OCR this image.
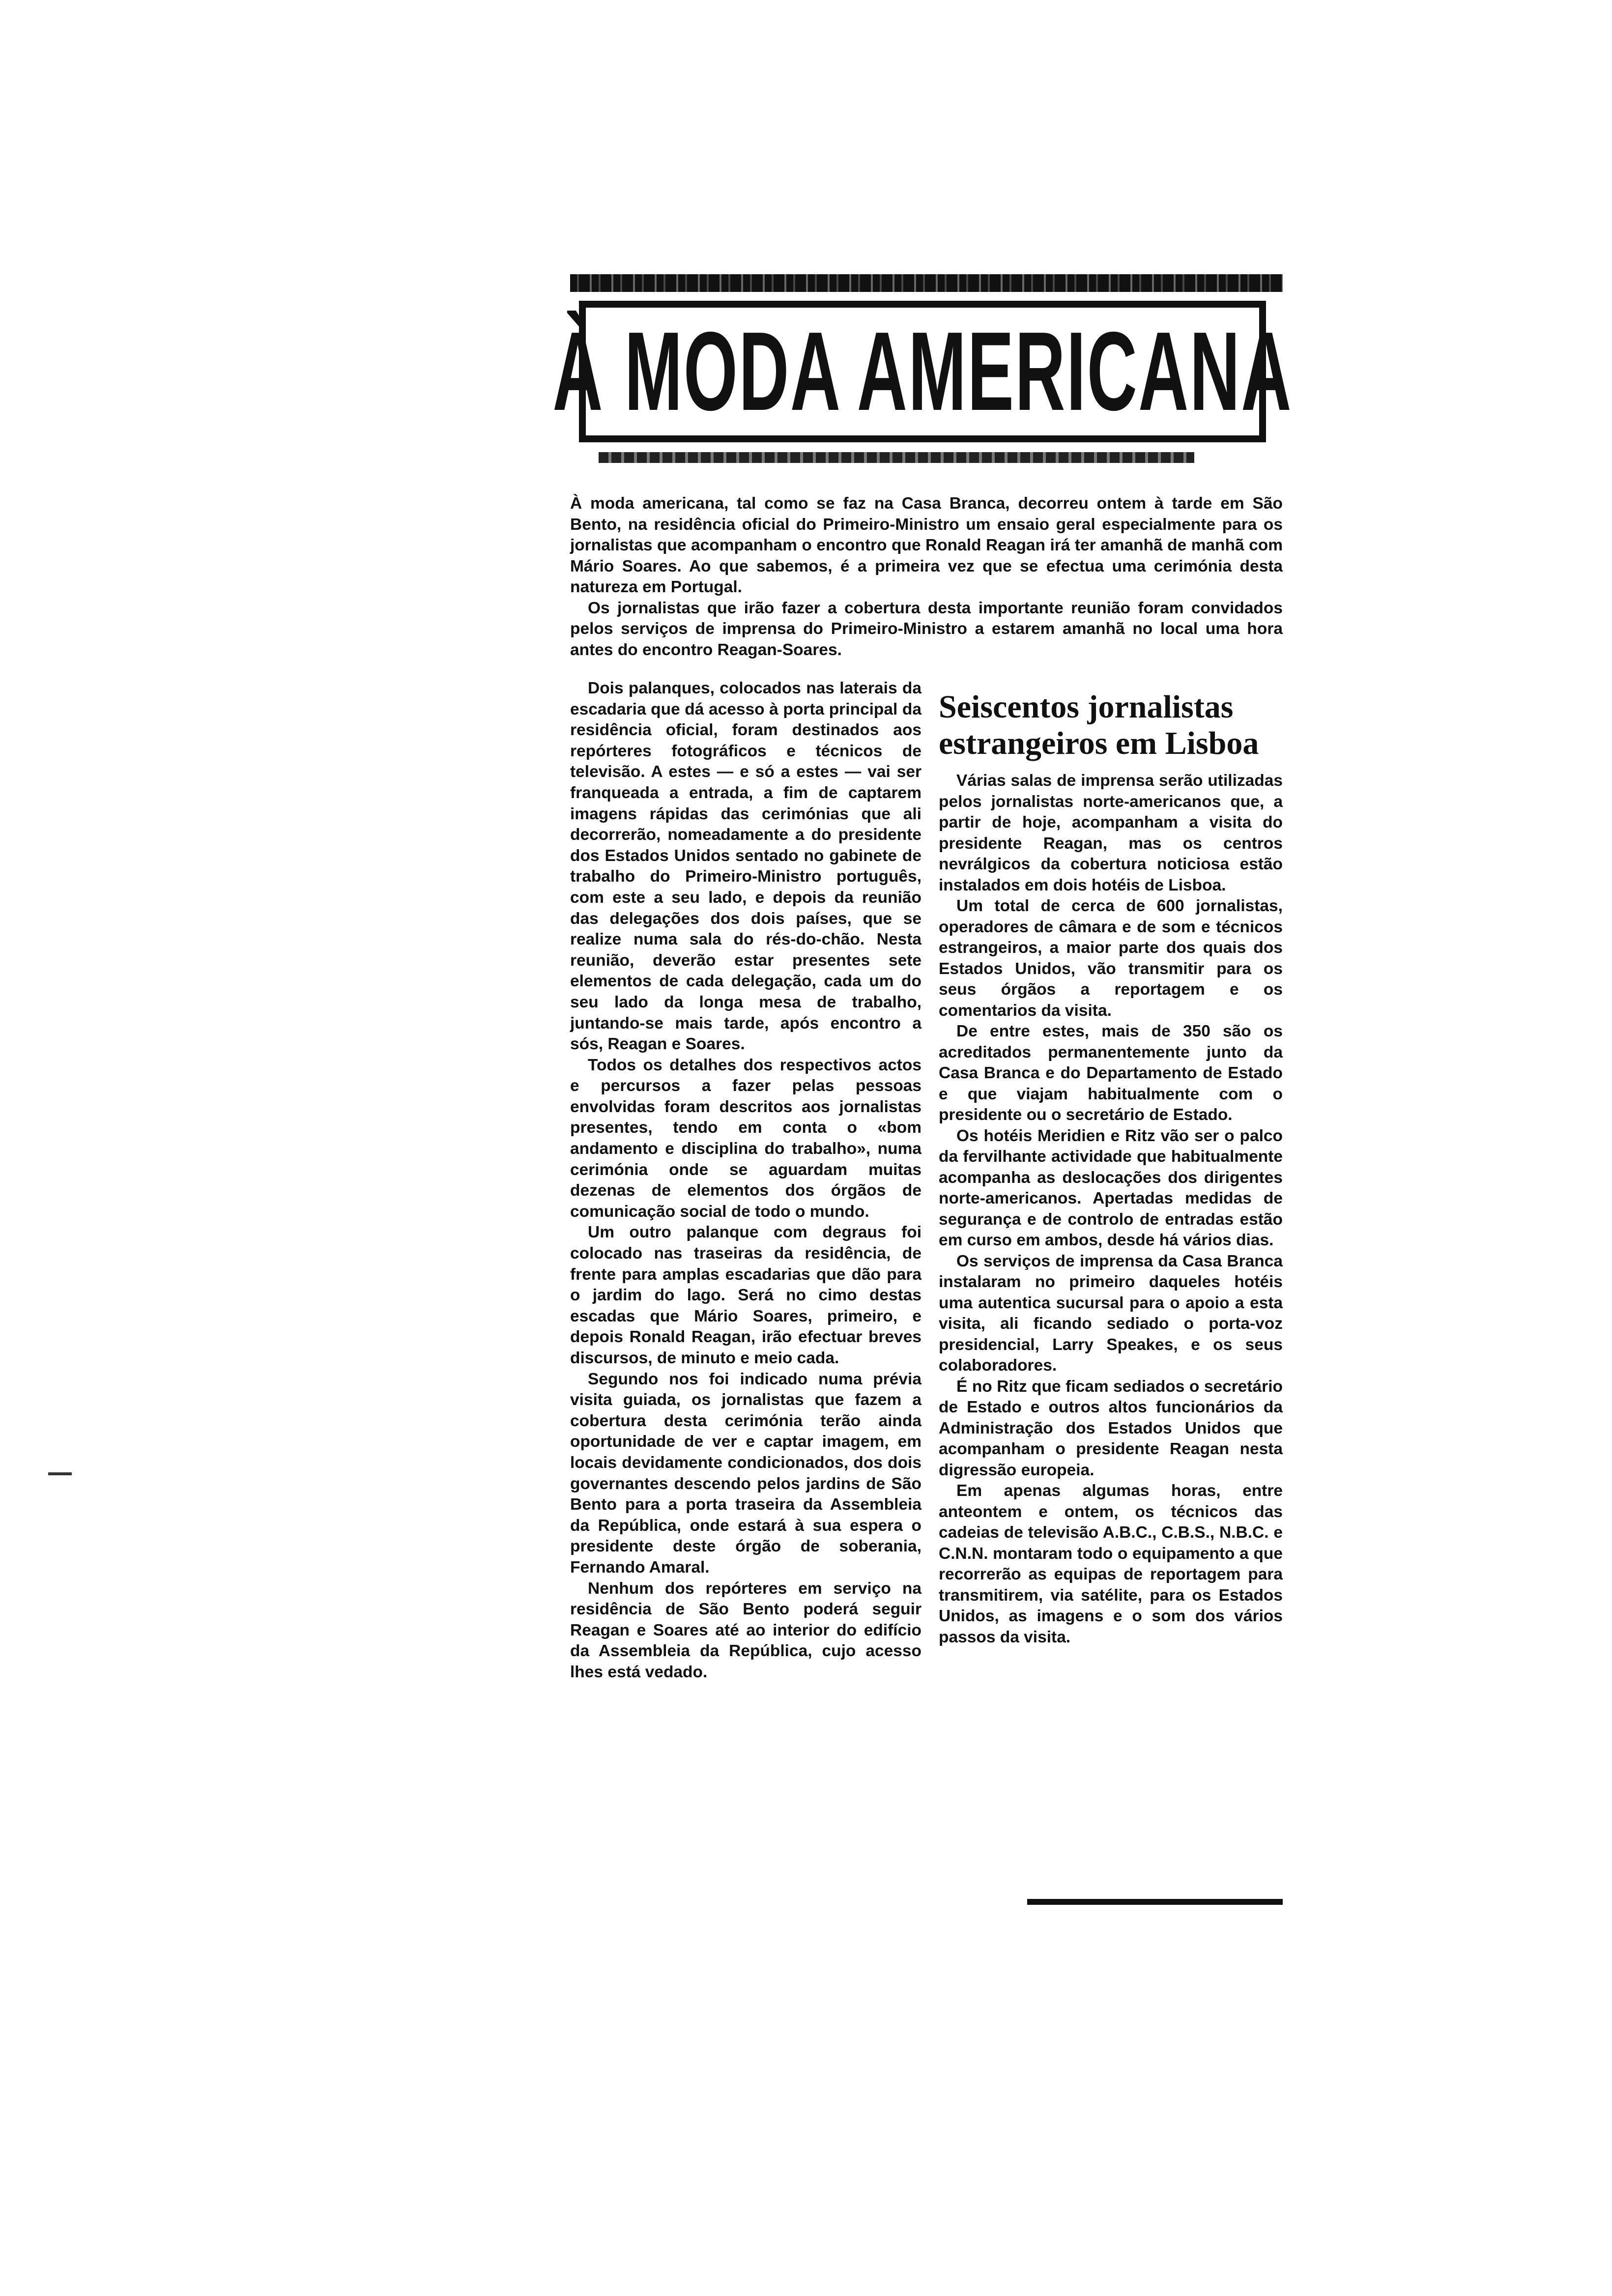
À MODA AMERICANA

À moda americana, tal como se faz na Casa Branca, decorreu ontem à tarde em São Bento, na residência oficial do Primeiro-Ministro um ensaio geral especialmente para os jornalistas que acompanham o encontro que Ronald Reagan irá ter amanhã de manhã com Mário Soares. Ao que sabemos, é a primeira vez que se efectua uma cerimónia desta natureza em Portugal.

Os jornalistas que irão fazer a cobertura desta importante reunião foram convidados pelos serviços de imprensa do Primeiro-Ministro a estarem amanhã no local uma hora antes do encontro Reagan-Soares.

Dois palanques, colocados nas laterais da escadaria que dá acesso à porta principal da residência oficial, foram destinados aos repórteres fotográficos e técnicos de televisão. A estes — e só a estes — vai ser franqueada a entrada, a fim de captarem imagens rápidas das cerimónias que ali decorrerão, nomeadamente a do presidente dos Estados Unidos sentado no gabinete de trabalho do Primeiro-Ministro português, com este a seu lado, e depois da reunião das delegações dos dois países, que se realize numa sala do rés-do-chão. Nesta reunião, deverão estar presentes sete elementos de cada delegação, cada um do seu lado da longa mesa de trabalho, juntando-se mais tarde, após encontro a sós, Reagan e Soares.

Todos os detalhes dos respectivos actos e percursos a fazer pelas pessoas envolvidas foram descritos aos jornalistas presentes, tendo em conta o «bom andamento e disciplina do trabalho», numa cerimónia onde se aguardam muitas dezenas de elementos dos órgãos de comunicação social de todo o mundo.

Um outro palanque com degraus foi colocado nas traseiras da residência, de frente para amplas escadarias que dão para o jardim do lago. Será no cimo destas escadas que Mário Soares, primeiro, e depois Ronald Reagan, irão efectuar breves discursos, de minuto e meio cada.

Segundo nos foi indicado numa prévia visita guiada, os jornalistas que fazem a cobertura desta cerimónia terão ainda oportunidade de ver e captar imagem, em locais devidamente condicionados, dos dois governantes descendo pelos jardins de São Bento para a porta traseira da Assembleia da República, onde estará à sua espera o presidente deste órgão de soberania, Fernando Amaral.

Nenhum dos repórteres em serviço na residência de São Bento poderá seguir Reagan e Soares até ao interior do edifício da Assembleia da República, cujo acesso lhes está vedado.

Seiscentos jornalistas estrangeiros em Lisboa

Várias salas de imprensa serão utilizadas pelos jornalistas norte-americanos que, a partir de hoje, acompanham a visita do presidente Reagan, mas os centros nevrálgicos da cobertura noticiosa estão instalados em dois hotéis de Lisboa.

Um total de cerca de 600 jornalistas, operadores de câmara e de som e técnicos estrangeiros, a maior parte dos quais dos Estados Unidos, vão transmitir para os seus órgãos a reportagem e os comentarios da visita.

De entre estes, mais de 350 são os acreditados permanentemente junto da Casa Branca e do Departamento de Estado e que viajam habitualmente com o presidente ou o secretário de Estado.

Os hotéis Meridien e Ritz vão ser o palco da fervilhante actividade que habitualmente acompanha as deslocações dos dirigentes norte-americanos. Apertadas medidas de segurança e de controlo de entradas estão em curso em ambos, desde há vários dias.

Os serviços de imprensa da Casa Branca instalaram no primeiro daqueles hotéis uma autentica sucursal para o apoio a esta visita, ali ficando sediado o porta-voz presidencial, Larry Speakes, e os seus colaboradores.

É no Ritz que ficam sediados o secretário de Estado e outros altos funcionários da Administração dos Estados Unidos que acompanham o presidente Reagan nesta digressão europeia.

Em apenas algumas horas, entre anteontem e ontem, os técnicos das cadeias de televisão A.B.C., C.B.S., N.B.C. e C.N.N. montaram todo o equipamento a que recorrerão as equipas de reportagem para transmitirem, via satélite, para os Estados Unidos, as imagens e o som dos vários passos da visita.
